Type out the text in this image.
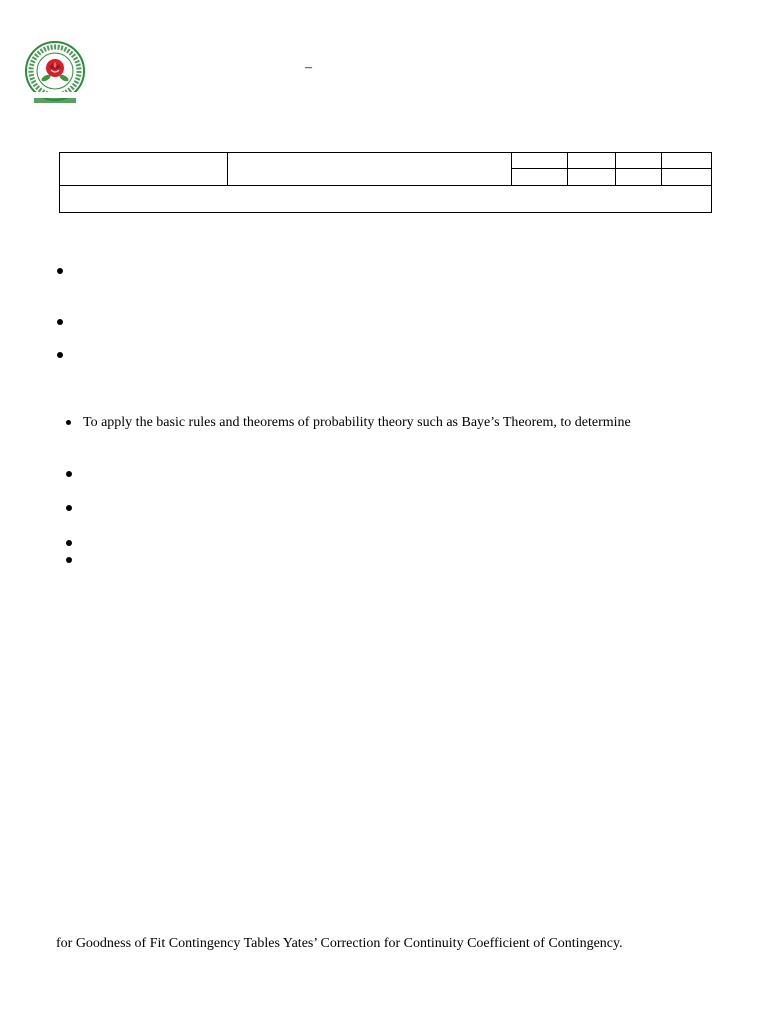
–

To apply the basic rules and theorems of probability theory such as Baye’s Theorem, to determine
for Goodness of Fit Contingency Tables Yates’ Correction for Continuity Coefficient of Contingency.
